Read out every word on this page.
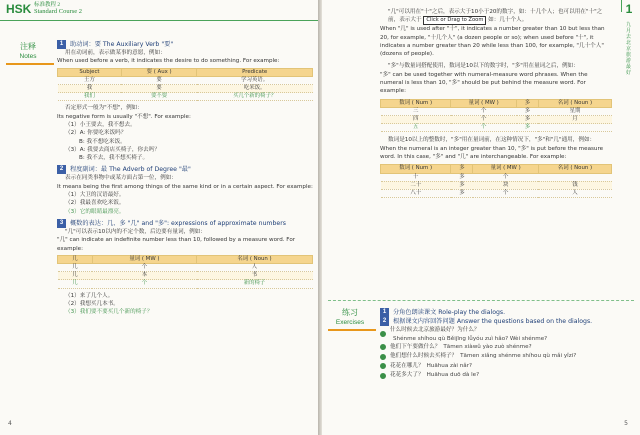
HSK 标准教程 2
Standard Course 2
注释
Notes
1	助动词：要 The Auxiliary Verb "要"
用在动词前，表示做某事的意愿，例如：
When used before a verb, it indicates the desire to do something. For example:
Subject	要 ( Aux )	Predicate
王方	要	学习英语。
我	要	吃米饭。
我们	要不要	买几个新的椅子？
否定形式一般为"不想"，例如：
Its negative form is usually "不想". For example:
（1）小王要去，我不想去。
（2）A: 你要吃米饭吗？
B: 我不想吃米饭。
（3）A: 我要去商店买椅子，你去吗？
B: 我不去，我不想买椅子。
2	程度副词：最 The Adverb of Degree "最"
表示在同类事物中或某方面占第一位，例如：
It means being the first among things of the same kind or in a certain aspect. For example:
（1）大卫的汉语最好。
（2）我最喜欢吃米饭。
（3）它的眼睛最漂亮。
3	概数的表达：几、多 "几" and "多": expressions of approximate numbers
"几"可以表示10以内的不定个数，后边要有量词，例如：
"几" can indicate an indefinite number less than 10, followed by a measure word. For example:
几	量词 ( MW )	名词 ( Noun )
几	个	人
几	本	书
几	个	新的椅子
（1）来了几个人。
（2）我想买几本书。
（3）我们要不要买几个新的椅子？
4
1
九月去北京旅游最好
"几"可以用在"十"之后，表示大于10小于20的数字，如：十几个人；也可以用在"十"之前，表示大于 Click or Drag to Zoom 如：几十个人。
When "几" is used after "十", it indicates a number greater than 10 but less than 20, for example, "十几个人" (a dozen people or so); when used before "十", it indicates a number greater than 20 while less than 100, for example, "几十个人" (dozens of people).
"多"与数量词搭配使用，数词是10以下的数字时，"多"用在量词之后，例如：
"多" can be used together with numeral-measure word phrases. When the numeral is less than 10, "多" should be put behind the measure word. For example:
数词 ( Num )	量词 ( MW )	多	名词 ( Noun )
三	个	多	星期
四	个	多	月
五	个	多	
数词是10以上的整数时，"多"用在量词前，在这种情况下，"多"和"几"通用，例如：
When the numeral is an integer greater than 10, "多" is put before the measure word. In this case, "多" and "几" are interchangeable. For example:
数词 ( Num )	多	量词 ( MW )	名词 ( Noun )
十	多	个	
二十	多	块	钱
八十	多	个	人
练习
Exercises
1	分角色朗读课文 Role-play the dialogs.
2	根据课文内容回答问题 Answer the questions based on the dialogs.
什么时候去北京旅游最好？为什么？
Shénme shíhou qù Běijīng lǚyóu zuì hǎo? Wèi shénme?
他们下午要做什么？ Tāmen xiàwǔ yào zuò shénme?
他们想什么时候去买椅子？ Tāmen xiǎng shénme shíhou qù mǎi yǐzi?
花花在哪儿？ Huāhua zài nǎr?
花花多大了？ Huāhua duō dà le?
5
